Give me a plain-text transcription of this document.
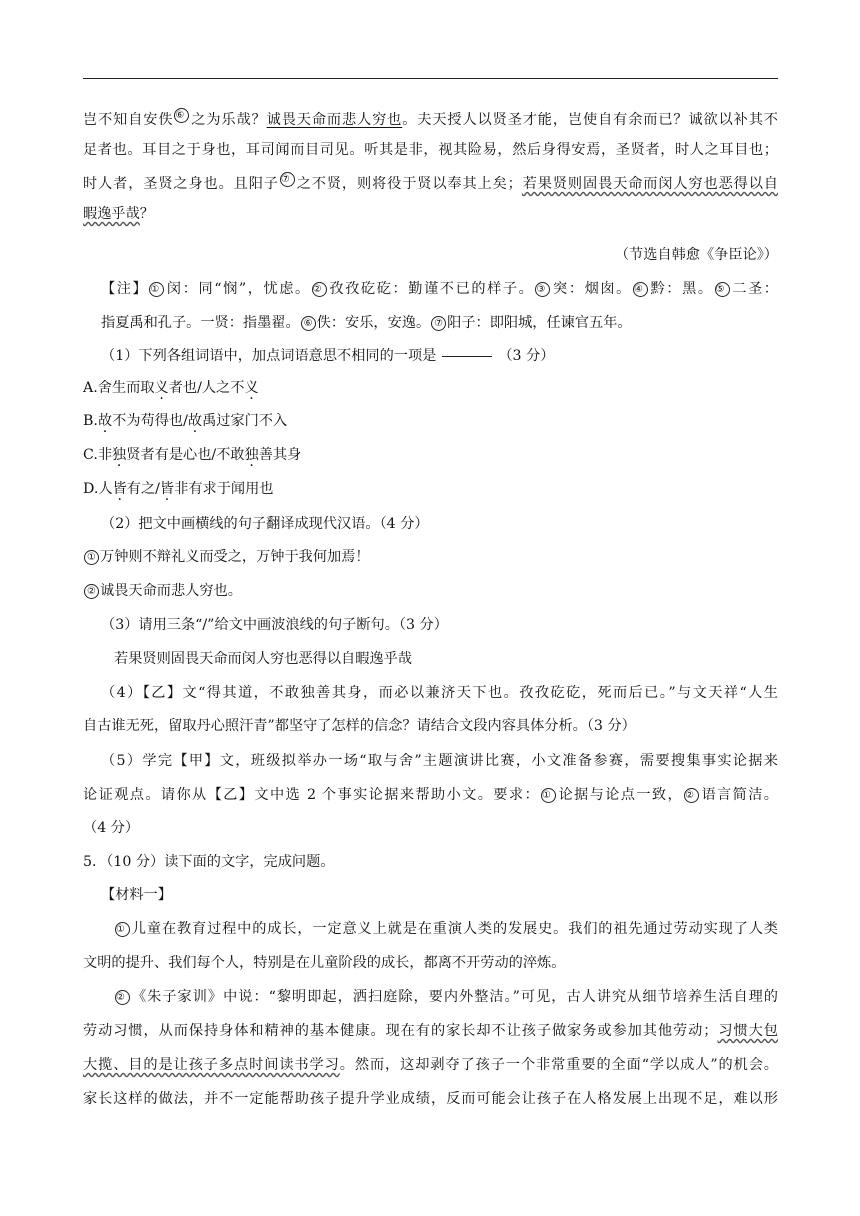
岂不知自安佚 ⑥ 之为乐哉？诚畏天命而悲人穷也。夫天授人以贤圣才能，岂使自有余而已？诚欲以补其不
足者也。耳目之于身也，耳司闻而目司见。听其是非，视其险易，然后身得安焉，圣贤者，时人之耳目也；
时人者，圣贤之身也。且阳子 ⑦ 之不贤，则将役于贤以奉其上矣；若果贤则固畏天命而闵人穷也恶得以自
暇逸乎哉？
（节选自韩愈《争臣论》）
【注】 ① 闵：同“悯”，忧虑。 ② 孜孜矻矻：勤谨不已的样子。 ③ 突：烟囱。 ④ 黔：黑。 ⑤ 二圣：
指夏禹和孔子。一贤：指墨翟。 ⑥ 佚：安乐，安逸。 ⑦ 阳子：即阳城，任谏官五年。
（1）下列各组词语中，加点词语意思不相同的一项是	（3 分）
A.舍生而取义者也/人之不义
B.故不为苟得也/故禹过家门不入
C.非独贤者有是心也/不敢独善其身
D.人皆有之/皆非有求于闻用也
（2）把文中画横线的句子翻译成现代汉语。（4 分）
① 万钟则不辩礼义而受之，万钟于我何加焉！
② 诚畏天命而悲人穷也。
（3）请用三条“/”给文中画波浪线的句子断句。（3 分）
若果贤则固畏天命而闵人穷也恶得以自暇逸乎哉
（4）【乙】文“得其道，不敢独善其身，而必以兼济天下也。孜孜矻矻，死而后已。”与文天祥“人生
自古谁无死，留取丹心照汗青”都坚守了怎样的信念？请结合文段内容具体分析。（3 分）
（5）学完【甲】文，班级拟举办一场“取与舍”主题演讲比赛，小文准备参赛，需要搜集事实论据来
论证观点。请你从【乙】文中选 2 个事实论据来帮助小文。要求： ① 论据与论点一致， ② 语言简洁。
（4 分）
5．（10 分）读下面的文字，完成问题。
【材料一】
① 儿童在教育过程中的成长，一定意义上就是在重演人类的发展史。我们的祖先通过劳动实现了人类
文明的提升、我们每个人，特别是在儿童阶段的成长，都离不开劳动的淬炼。
② 《朱子家训》中说：“黎明即起，洒扫庭除，要内外整洁。”可见，古人讲究从细节培养生活自理的
劳动习惯，从而保持身体和精神的基本健康。现在有的家长却不让孩子做家务或参加其他劳动；习惯大包
大揽、目的是让孩子多点时间读书学习。然而，这却剥夺了孩子一个非常重要的全面“学以成人”的机会。
家长这样的做法，并不一定能帮助孩子提升学业成绩，反而可能会让孩子在人格发展上出现不足，难以形
